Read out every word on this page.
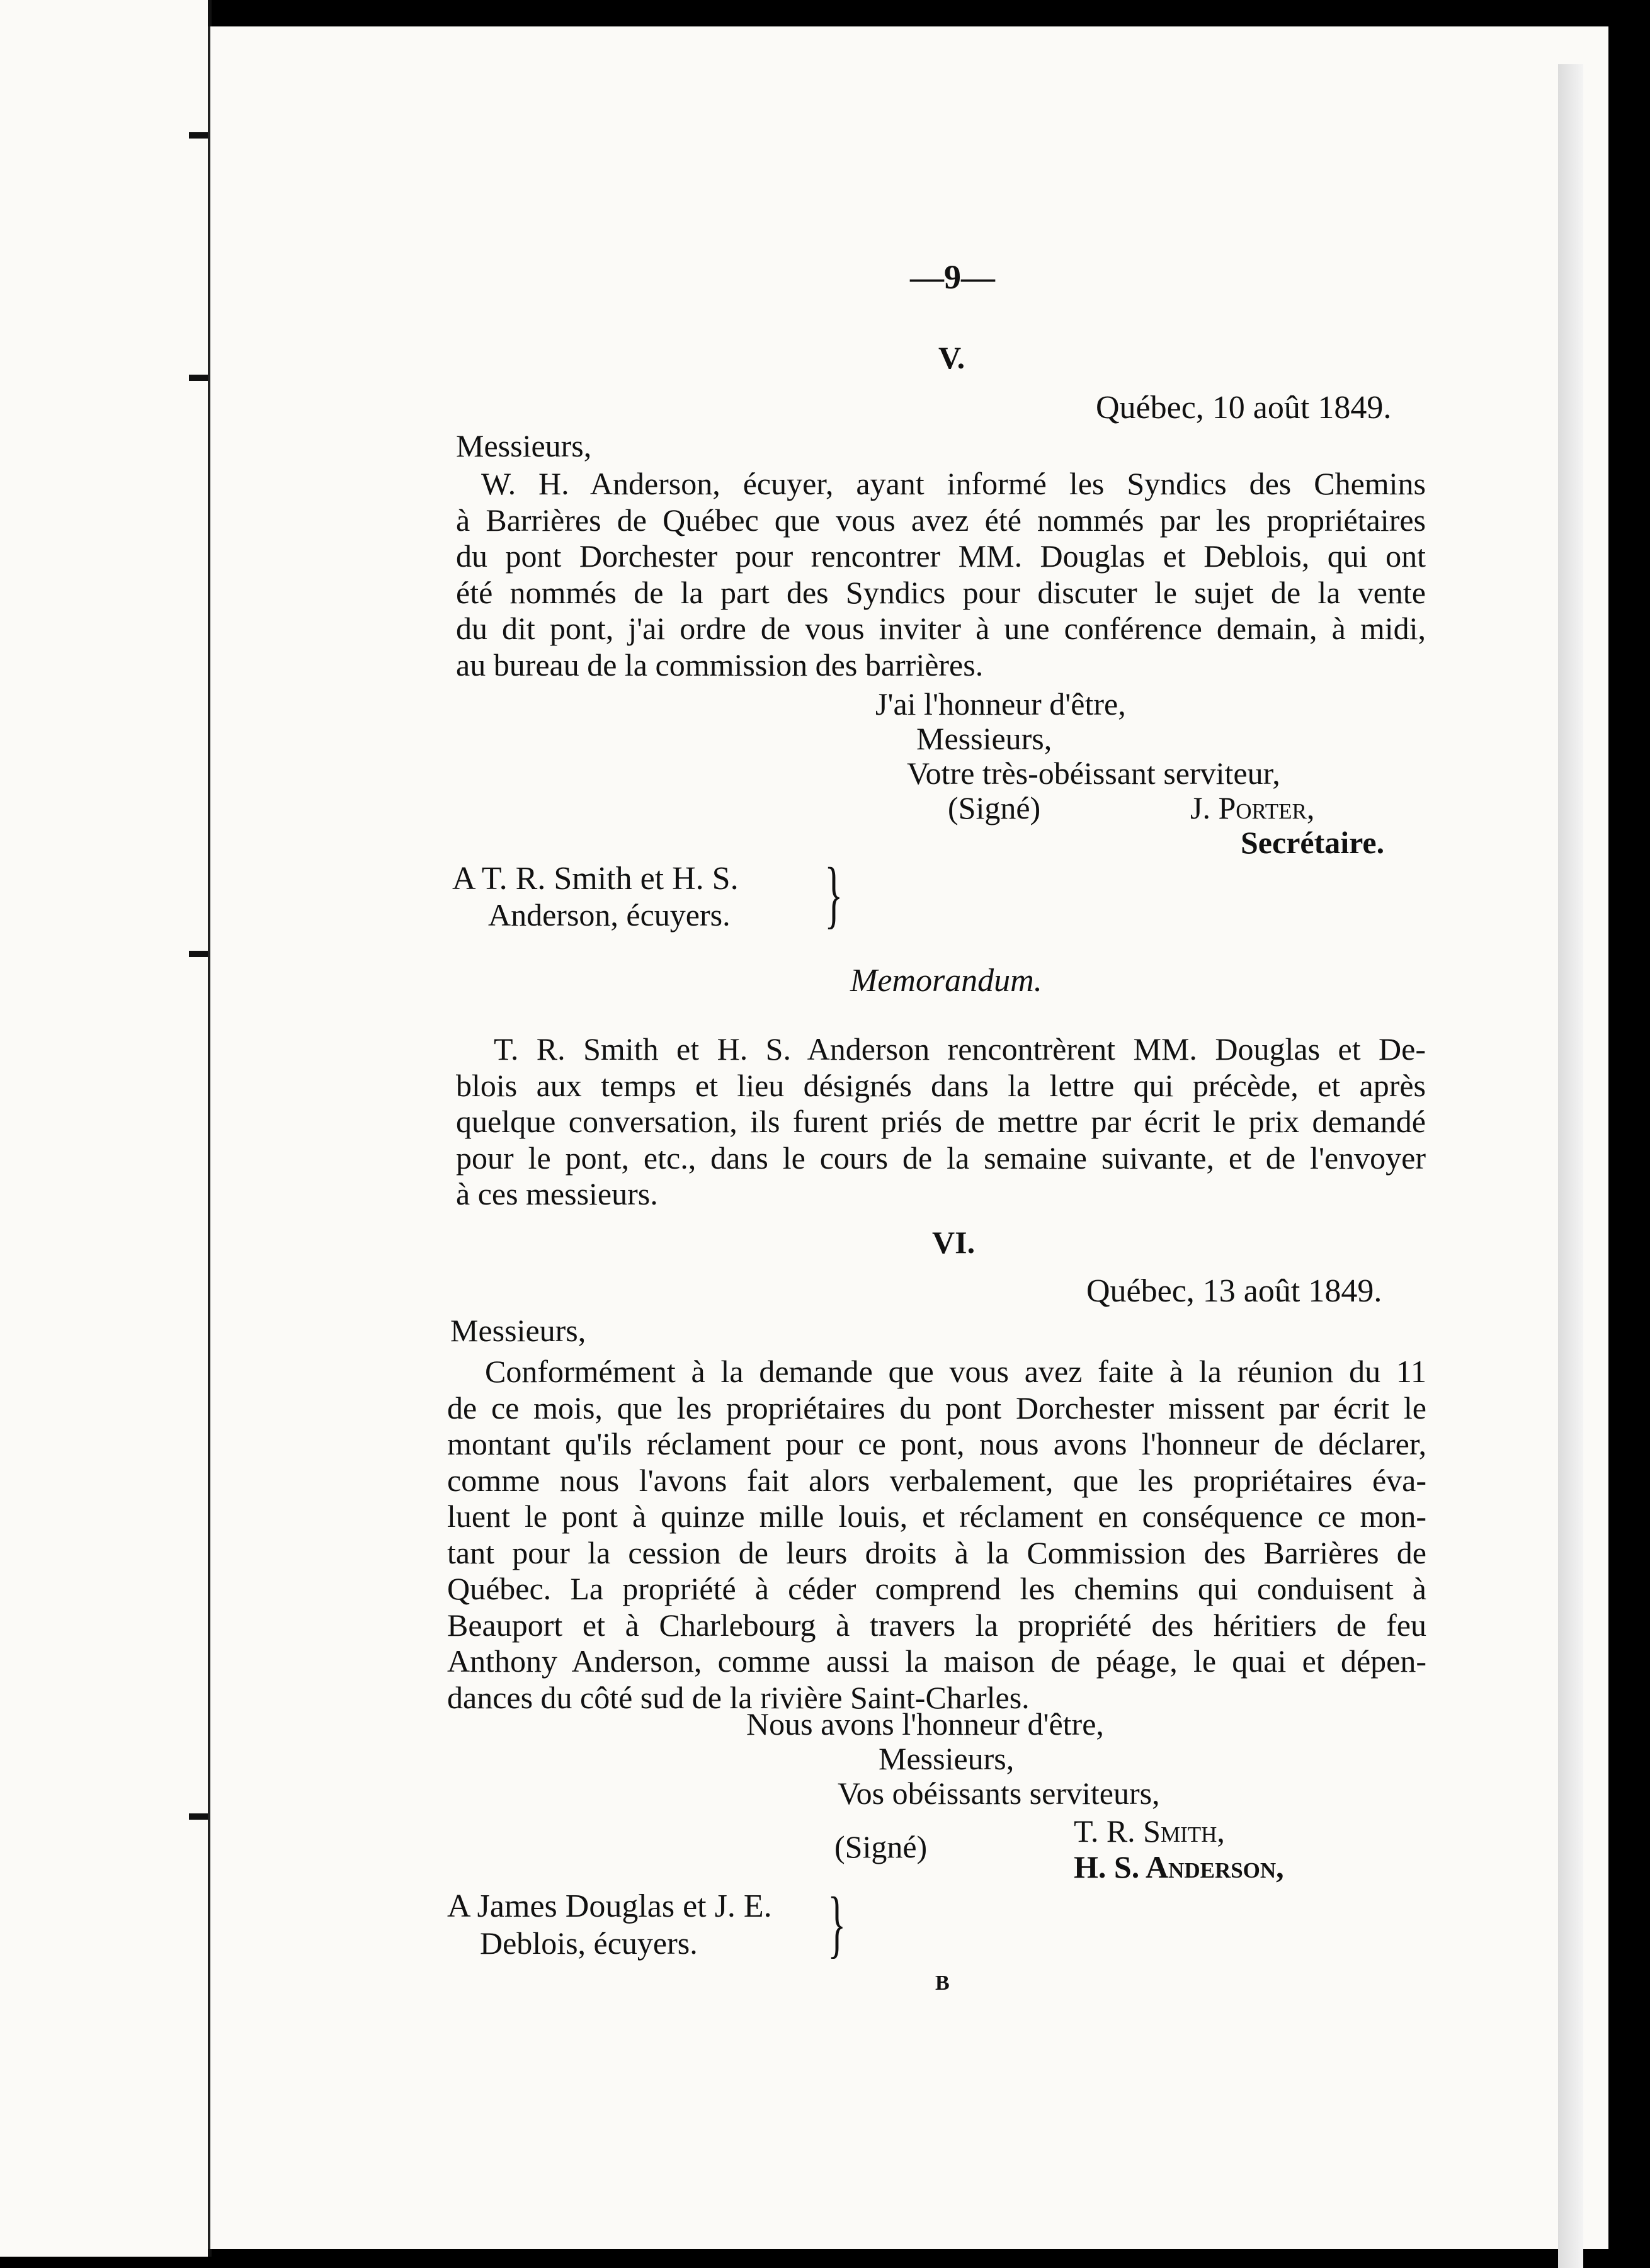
—9—
V.
Québec, 10 août 1849.
Messieurs,
W. H. Anderson, écuyer, ayant informé les Syndics des Chemins
à Barrières de Québec que vous avez été nommés par les propriétaires
du pont Dorchester pour rencontrer MM. Douglas et Deblois, qui ont
été nommés de la part des Syndics pour discuter le sujet de la vente
du dit pont, j'ai ordre de vous inviter à une conférence demain, à midi,
au bureau de la commission des barrières.
J'ai l'honneur d'être,
Messieurs,
Votre très-obéissant serviteur,
(Signé)	J. Porter,
Secrétaire.
A T. R. Smith et H. S.
Anderson, écuyers. }
Memorandum.
T. R. Smith et H. S. Anderson rencontrèrent MM. Douglas et De-
blois aux temps et lieu désignés dans la lettre qui précède, et après
quelque conversation, ils furent priés de mettre par écrit le prix demandé
pour le pont, etc., dans le cours de la semaine suivante, et de l'envoyer
à ces messieurs.
VI.
Québec, 13 août 1849.
Messieurs,
Conformément à la demande que vous avez faite à la réunion du 11
de ce mois, que les propriétaires du pont Dorchester missent par écrit le
montant qu'ils réclament pour ce pont, nous avons l'honneur de déclarer,
comme nous l'avons fait alors verbalement, que les propriétaires éva-
luent le pont à quinze mille louis, et réclament en conséquence ce mon-
tant pour la cession de leurs droits à la Commission des Barrières de
Québec. La propriété à céder comprend les chemins qui conduisent à
Beauport et à Charlebourg à travers la propriété des héritiers de feu
Anthony Anderson, comme aussi la maison de péage, le quai et dépen-
dances du côté sud de la rivière Saint-Charles.
Nous avons l'honneur d'être,
Messieurs,
Vos obéissants serviteurs,
T. R. Smith,
(Signé)
H. S. Anderson,
A James Douglas et J. E.
Deblois, écuyers. }
B
